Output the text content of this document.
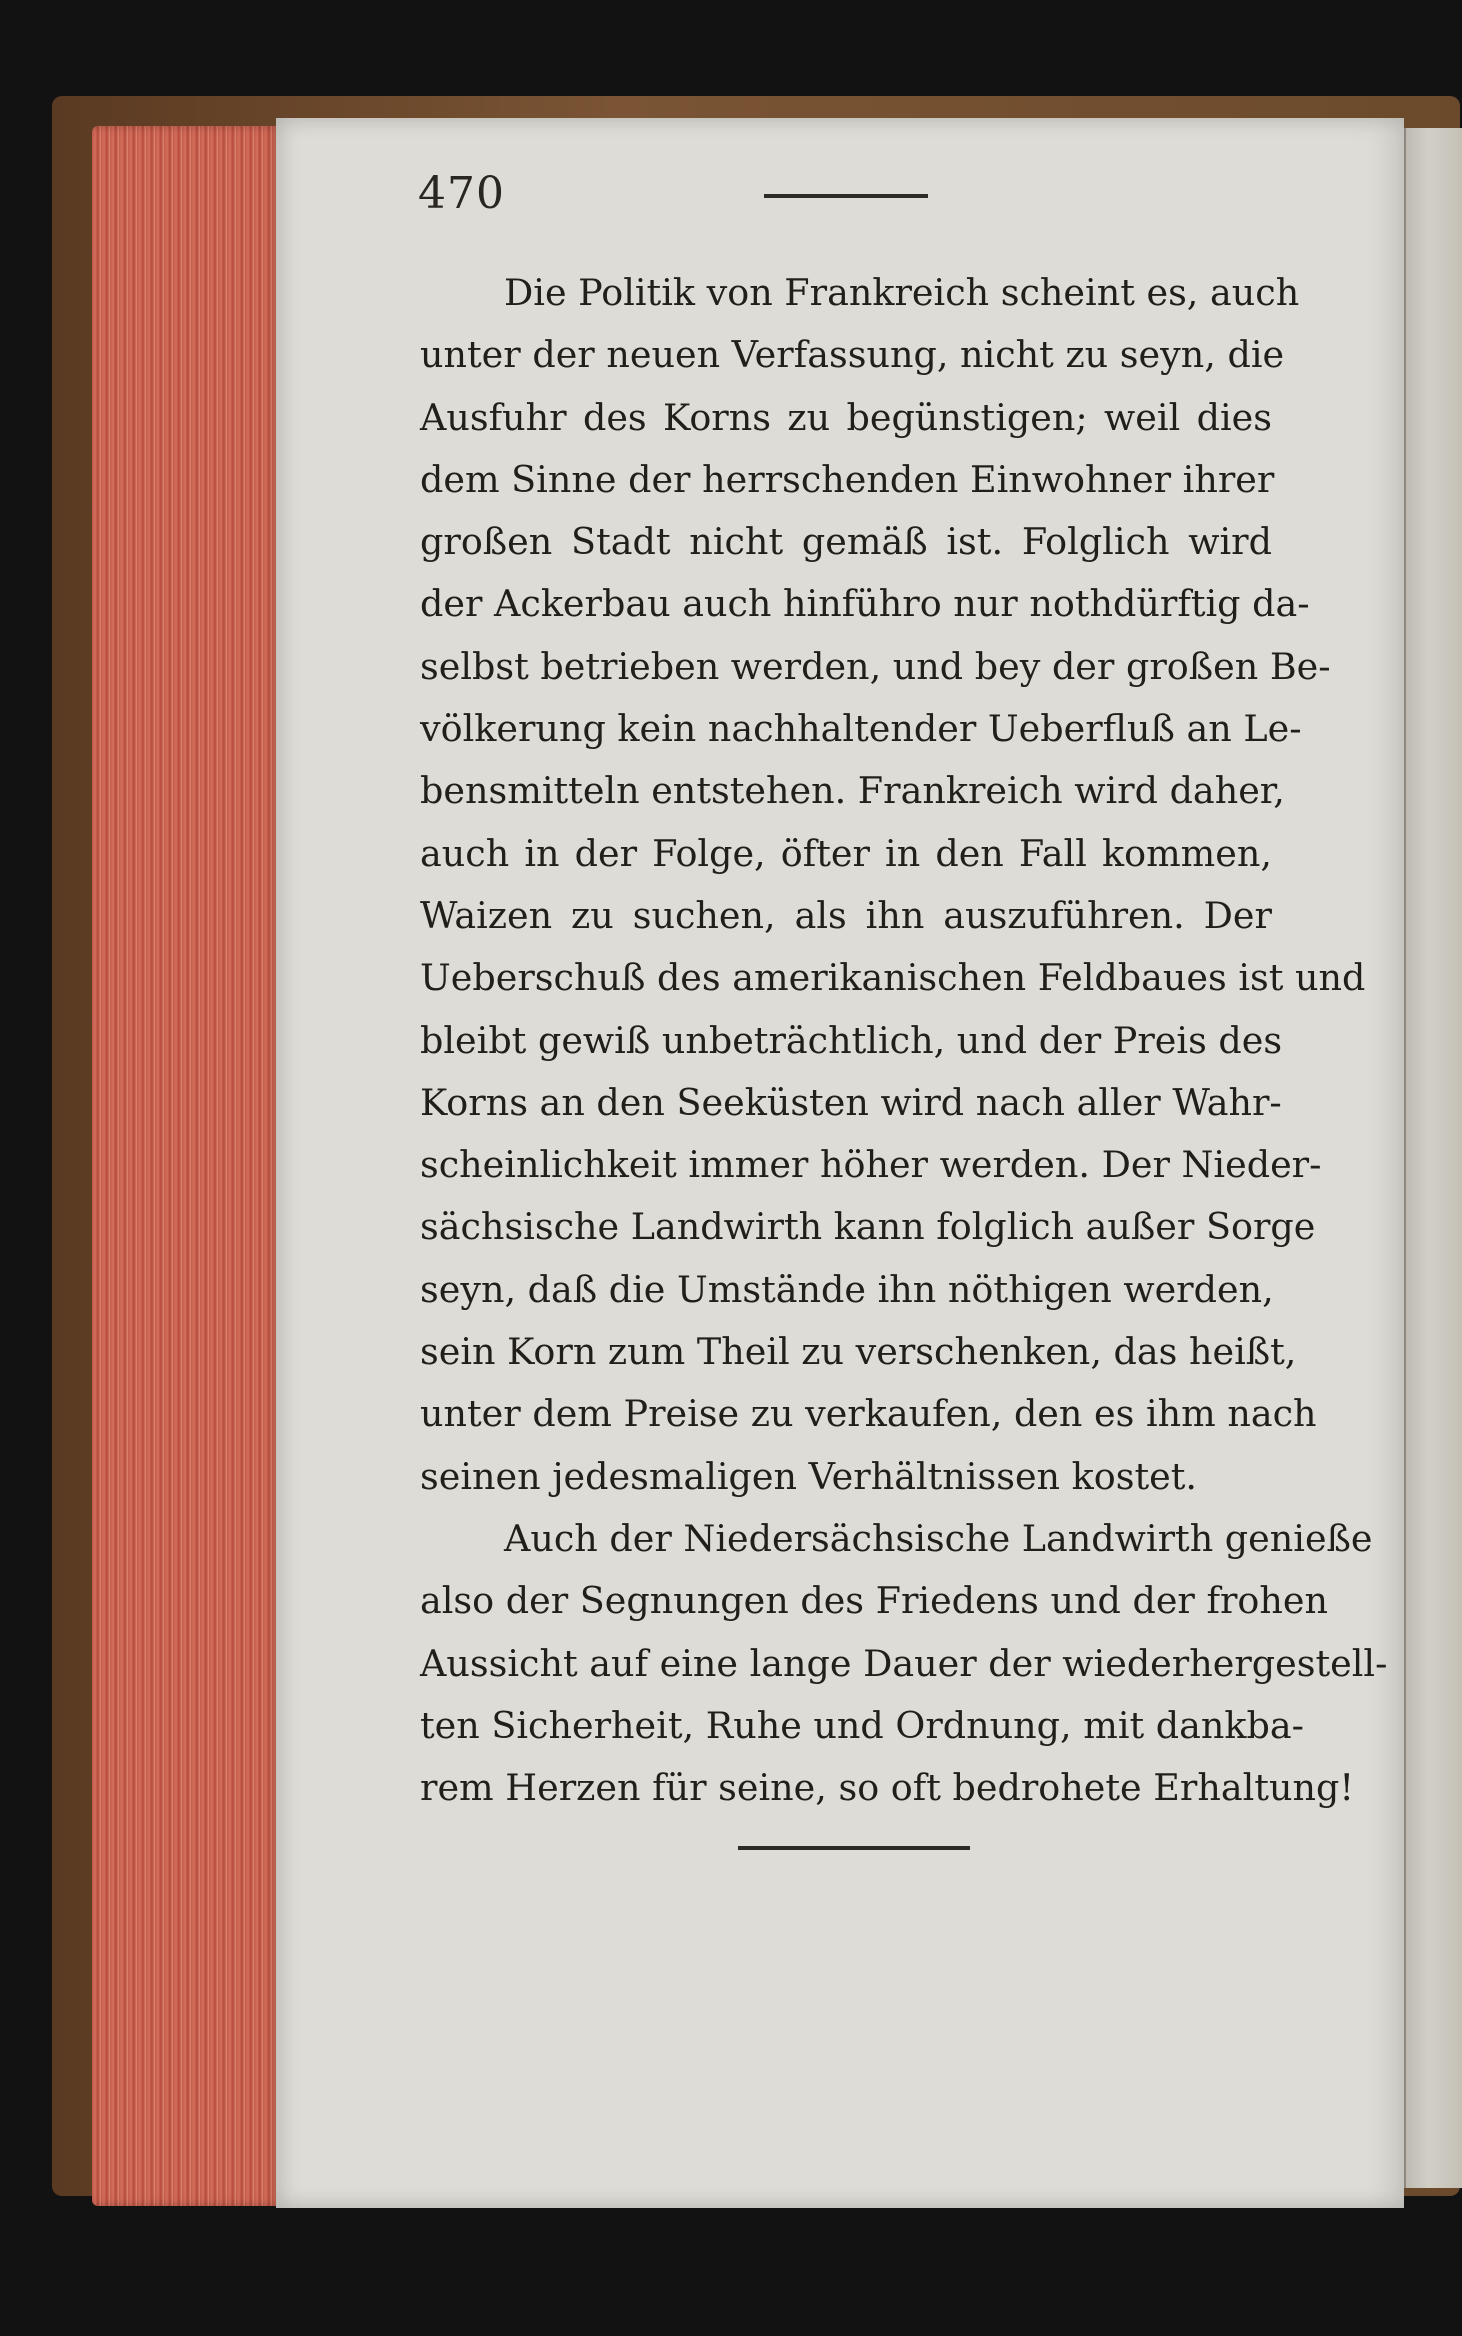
470
Die Politik von Frankreich scheint es, auch
unter der neuen Verfassung, nicht zu seyn, die
Ausfuhr des Korns zu begünstigen; weil dies
dem Sinne der herrschenden Einwohner ihrer
großen Stadt nicht gemäß ist. Folglich wird
der Ackerbau auch hinführo nur nothdürftig da-
selbst betrieben werden, und bey der großen Be-
völkerung kein nachhaltender Ueberfluß an Le-
bensmitteln entstehen. Frankreich wird daher,
auch in der Folge, öfter in den Fall kommen,
Waizen zu suchen, als ihn auszuführen. Der
Ueberschuß des amerikanischen Feldbaues ist und
bleibt gewiß unbeträchtlich, und der Preis des
Korns an den Seeküsten wird nach aller Wahr-
scheinlichkeit immer höher werden. Der Nieder-
sächsische Landwirth kann folglich außer Sorge
seyn, daß die Umstände ihn nöthigen werden,
sein Korn zum Theil zu verschenken, das heißt,
unter dem Preise zu verkaufen, den es ihm nach
seinen jedesmaligen Verhältnissen kostet.
Auch der Niedersächsische Landwirth genieße
also der Segnungen des Friedens und der frohen
Aussicht auf eine lange Dauer der wiederhergestell-
ten Sicherheit, Ruhe und Ordnung, mit dankba-
rem Herzen für seine, so oft bedrohete Erhaltung!
